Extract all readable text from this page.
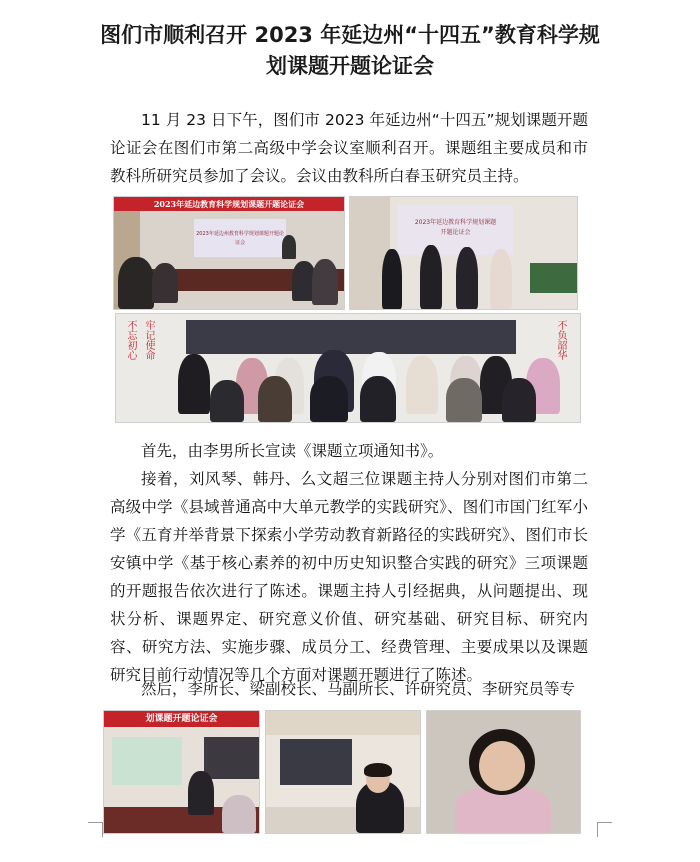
图们市顺利召开 2023 年延边州“十四五”教育科学规
划课题开题论证会

11 月 23 日下午，图们市 2023 年延边州“十四五”规划课题开题论证会在图们市第二高级中学会议室顺利召开。课题组主要成员和市教科所研究员参加了会议。会议由教科所白春玉研究员主持。

2023年延边教育科学规划课题开题论证会
2023年延边州教育科学规划课题开题论证会
2023年延边教育科学规划课题开题论证会
不忘初心 牢记使命	不负韶华

首先，由李男所长宣读《课题立项通知书》。

接着，刘风琴、韩丹、么文超三位课题主持人分别对图们市第二高级中学《县域普通高中大单元教学的实践研究》、图们市国门红军小学《五育并举背景下探索小学劳动教育新路径的实践研究》、图们市长安镇中学《基于核心素养的初中历史知识整合实践的研究》三项课题的开题报告依次进行了陈述。课题主持人引经据典，从问题提出、现状分析、课题界定、研究意义价值、研究基础、研究目标、研究内容、研究方法、实施步骤、成员分工、经费管理、主要成果以及课题研究目前行动情况等几个方面对课题开题进行了陈述。

然后，李所长、梁副校长、马副所长、许研究员、李研究员等专

划课题开题论证会
